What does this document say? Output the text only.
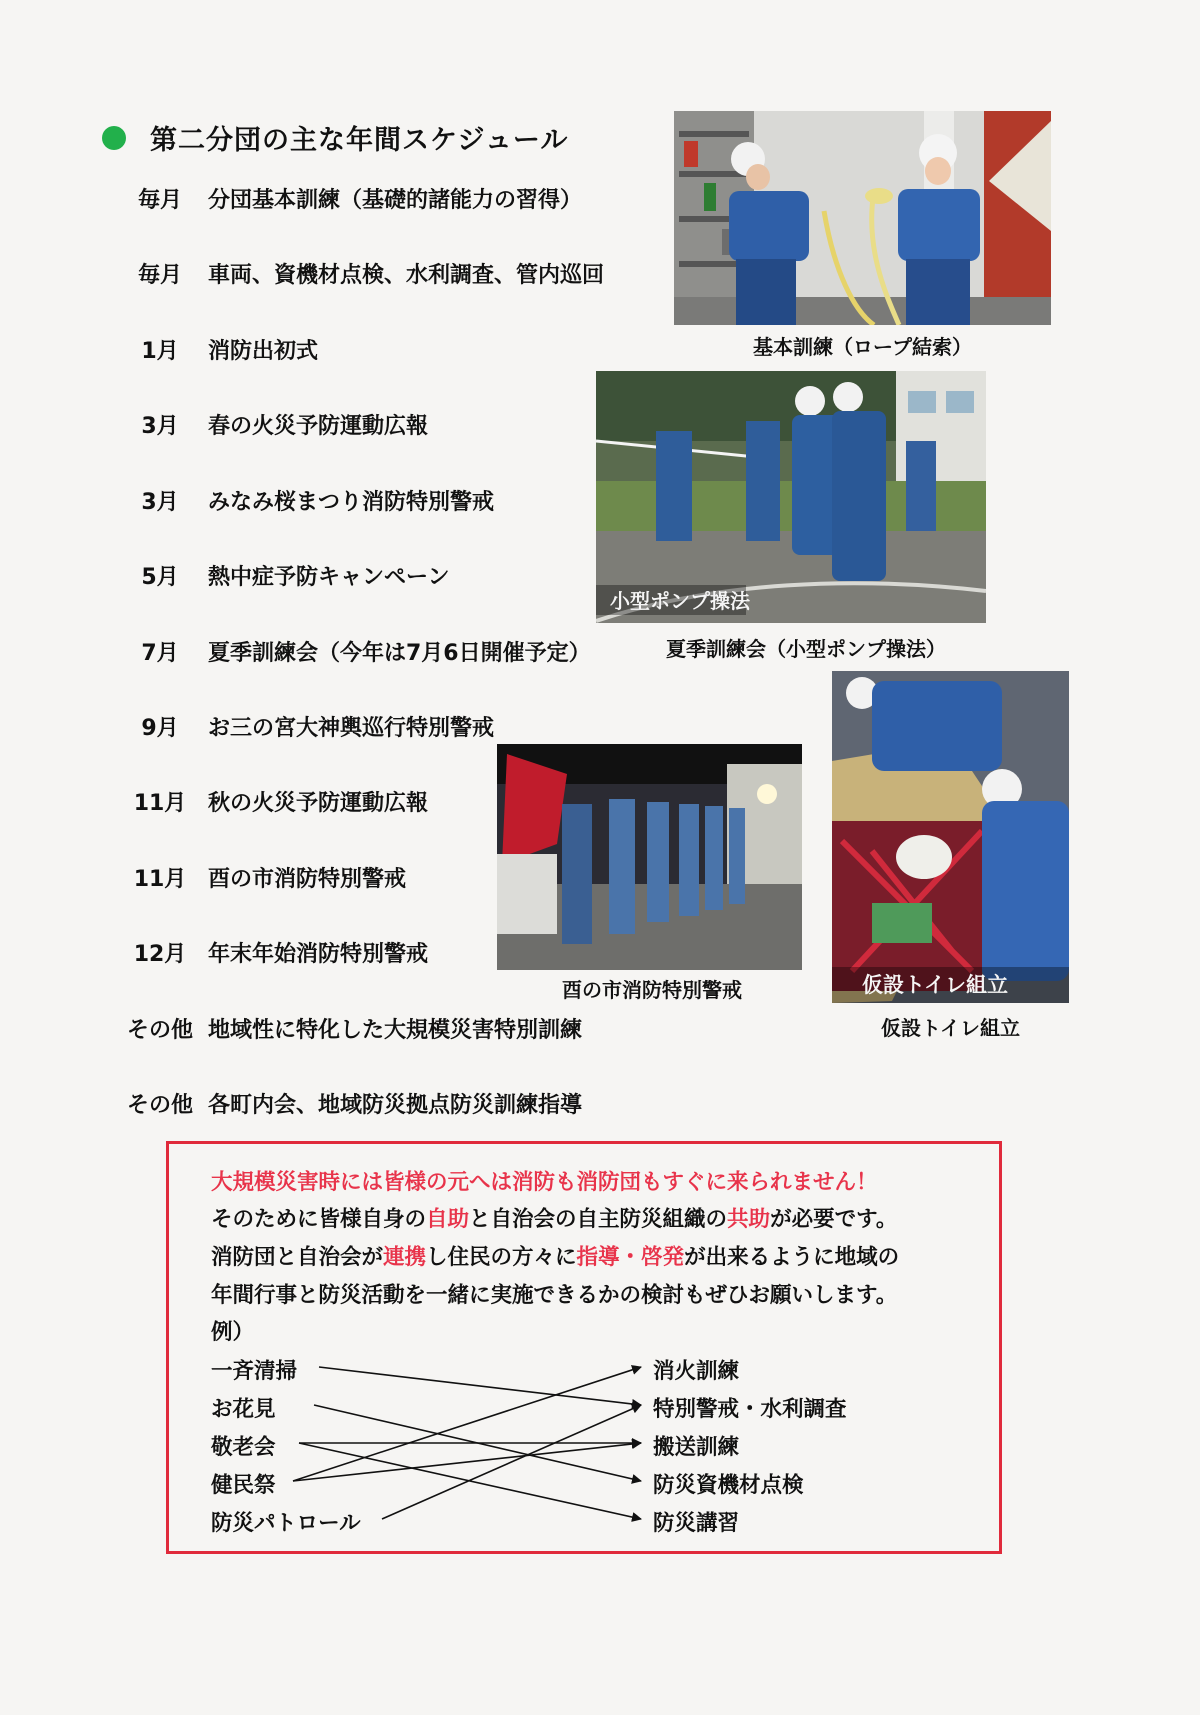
第二分団の主な年間スケジュール
毎月	分団基本訓練（基礎的諸能力の習得）
毎月	車両、資機材点検、水利調査、管内巡回
1月	消防出初式
3月	春の火災予防運動広報
3月	みなみ桜まつり消防特別警戒
5月	熱中症予防キャンペーン
7月	夏季訓練会（今年は7月6日開催予定）
9月	お三の宮大神輿巡行特別警戒
11月 秋の火災予防運動広報
11月 酉の市消防特別警戒
12月 年末年始消防特別警戒
その他 地域性に特化した大規模災害特別訓練
その他 各町内会、地域防災拠点防災訓練指導
基本訓練（ロープ結索）
小型ポンプ操法
夏季訓練会（小型ポンプ操法）
酉の市消防特別警戒	仮設トイレ組立
仮設トイレ組立
大規模災害時には皆様の元へは消防も消防団もすぐに来られません！
そのために皆様自身の自助と自治会の自主防災組織の共助が必要です。
消防団と自治会が連携し住民の方々に指導・啓発が出来るように地域の
年間行事と防災活動を一緒に実施できるかの検討もぜひお願いします。
例）
一斉清掃
お花見
敬老会
健民祭
防災パトロール
消火訓練
特別警戒・水利調査
搬送訓練
防災資機材点検
防災講習
